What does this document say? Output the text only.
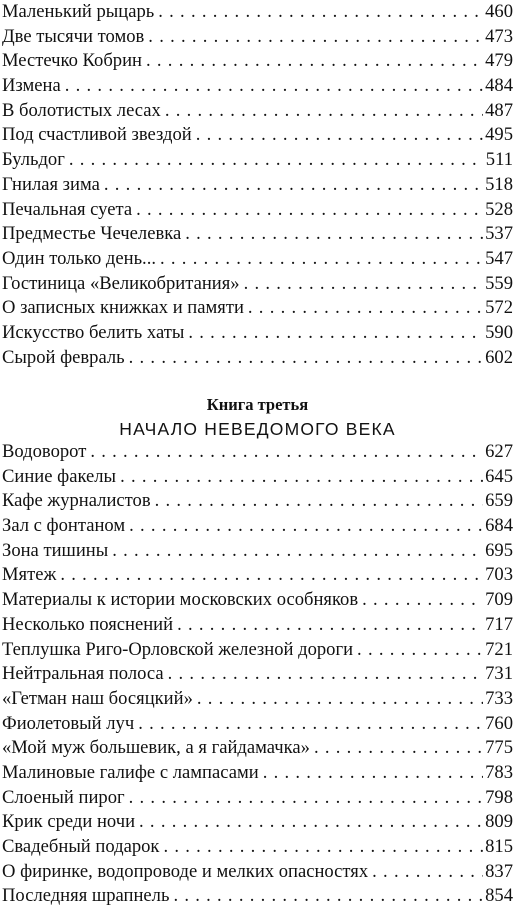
Маленький рыцарь . . .	460
Две тысячи томов . . .	473
Местечко Кобрин . . .	479
Измена . . .	484
В болотистых лесах . . .	487
Под счастливой звездой . . .	495
Бульдог . . .	511
Гнилая зима . . .	518
Печальная суета . . .	528
Предместье Чечелевка . . .	537
Один только день... . . .	547
Гостиница «Великобритания» . . .	559
О записных книжках и памяти . . .	572
Искусство белить хаты . . .	590
Сырой февраль . . .	602
Книга третья
НАЧАЛО НЕВЕДОМОГО ВЕКА
Водоворот . . .	627
Синие факелы . . .	645
Кафе журналистов . . .	659
Зал с фонтаном . . .	684
Зона тишины . . .	695
Мятеж . . .	703
Материалы к истории московских особняков . . .	709
Несколько пояснений . . .	717
Теплушка Риго-Орловской железной дороги . . .	721
Нейтральная полоса . . .	731
«Гетман наш босяцкий» . . .	733
Фиолетовый луч . . .	760
«Мой муж большевик, а я гайдамачка» . . .	775
Малиновые галифе с лампасами . . .	783
Слоеный пирог . . .	798
Крик среди ночи . . .	809
Свадебный подарок . . .	815
О фиринке, водопроводе и мелких опасностях . . .	837
Последняя шрапнель . . .	854
